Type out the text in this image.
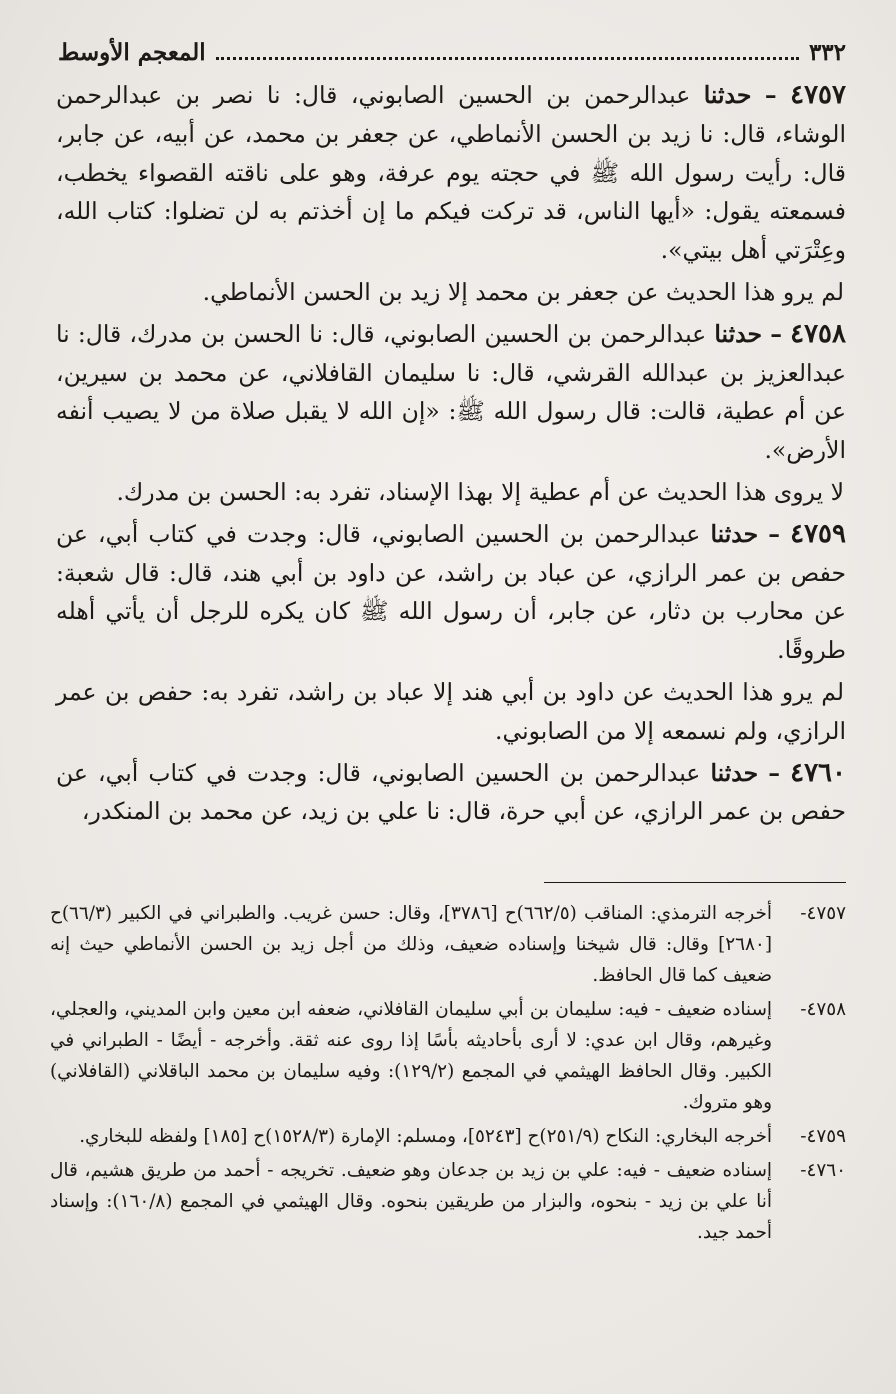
٣٣٢
المعجم الأوسط

٤٧٥٧ – حدثنا عبدالرحمن بن الحسين الصابوني، قال: نا نصر بن عبدالرحمن الوشاء، قال: نا زيد بن الحسن الأنماطي، عن جعفر بن محمد، عن أبيه، عن جابر، قال: رأيت رسول الله ﷺ في حجته يوم عرفة، وهو على ناقته القصواء يخطب، فسمعته يقول: «أيها الناس، قد تركت فيكم ما إن أخذتم به لن تضلوا: كتاب الله، وعِتْرَتي أهل بيتي».

لم يرو هذا الحديث عن جعفر بن محمد إلا زيد بن الحسن الأنماطي.

٤٧٥٨ – حدثنا عبدالرحمن بن الحسين الصابوني، قال: نا الحسن بن مدرك، قال: نا عبدالعزيز بن عبدالله القرشي، قال: نا سليمان القافلاني، عن محمد بن سيرين، عن أم عطية، قالت: قال رسول الله ﷺ: «إن الله لا يقبل صلاة من لا يصيب أنفه الأرض».

لا يروى هذا الحديث عن أم عطية إلا بهذا الإسناد، تفرد به: الحسن بن مدرك.

٤٧٥٩ – حدثنا عبدالرحمن بن الحسين الصابوني، قال: وجدت في كتاب أبي، عن حفص بن عمر الرازي، عن عباد بن راشد، عن داود بن أبي هند، قال: قال شعبة: عن محارب بن دثار، عن جابر، أن رسول الله ﷺ كان يكره للرجل أن يأتي أهله طروقًا.

لم يرو هذا الحديث عن داود بن أبي هند إلا عباد بن راشد، تفرد به: حفص بن عمر الرازي، ولم نسمعه إلا من الصابوني.

٤٧٦٠ – حدثنا عبدالرحمن بن الحسين الصابوني، قال: وجدت في كتاب أبي، عن حفص بن عمر الرازي، عن أبي حرة، قال: نا علي بن زيد، عن محمد بن المنكدر،

٤٧٥٧-
أخرجه الترمذي: المناقب (٦٦٢/٥)ح [٣٧٨٦]، وقال: حسن غريب. والطبراني في الكبير (٦٦/٣)ح [٢٦٨٠] وقال: قال شيخنا وإسناده ضعيف، وذلك من أجل زيد بن الحسن الأنماطي حيث إنه ضعيف كما قال الحافظ.
٤٧٥٨-
إسناده ضعيف - فيه: سليمان بن أبي سليمان القافلاني، ضعفه ابن معين وابن المديني، والعجلي، وغيرهم، وقال ابن عدي: لا أرى بأحاديثه بأسًا إذا روى عنه ثقة. وأخرجه - أيضًا - الطبراني في الكبير. وقال الحافظ الهيثمي في المجمع (١٢٩/٢): وفيه سليمان بن محمد الباقلاني (القافلاني) وهو متروك.
٤٧٥٩-
أخرجه البخاري: النكاح (٢٥١/٩)ح [٥٢٤٣]، ومسلم: الإمارة (١٥٢٨/٣)ح [١٨٥] ولفظه للبخاري.
٤٧٦٠-
إسناده ضعيف - فيه: علي بن زيد بن جدعان وهو ضعيف. تخريجه - أحمد من طريق هشيم، قال أنا علي بن زيد - بنحوه، والبزار من طريقين بنحوه. وقال الهيثمي في المجمع (١٦٠/٨): وإسناد أحمد جيد.
